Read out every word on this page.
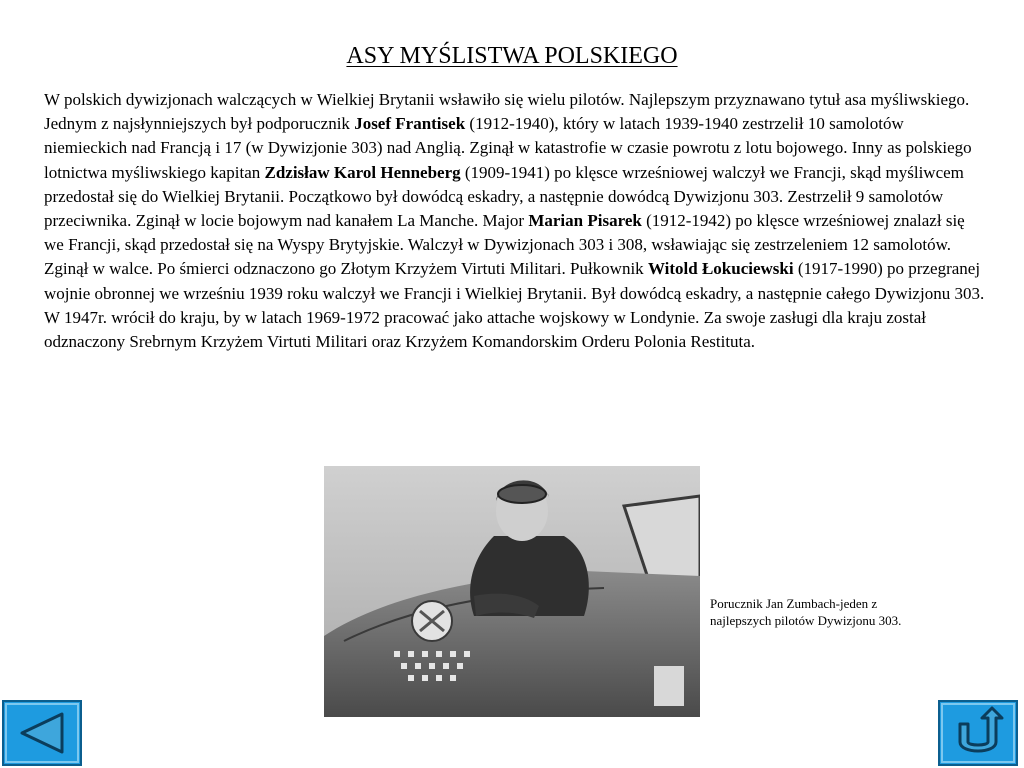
ASY MYŚLISTWA POLSKIEGO

W polskich dywizjonach walczących w Wielkiej Brytanii wsławiło się wielu pilotów. Najlepszym przyznawano tytuł asa myśliwskiego. Jednym z najsłynniejszych był podporucznik Josef Frantisek (1912-1940), który w latach 1939-1940 zestrzelił 10 samolotów niemieckich nad Francją i 17 (w Dywizjonie 303) nad Anglią. Zginął w katastrofie w czasie powrotu z lotu bojowego. Inny as polskiego lotnictwa myśliwskiego kapitan Zdzisław Karol Henneberg (1909-1941) po klęsce wrześniowej walczył we Francji, skąd myśliwcem przedostał się do Wielkiej Brytanii. Początkowo był dowódcą eskadry, a następnie dowódcą Dywizjonu 303. Zestrzelił 9 samolotów przeciwnika. Zginął w locie bojowym nad kanałem La Manche. Major Marian Pisarek (1912-1942) po klęsce wrześniowej znalazł się we Francji, skąd przedostał się na Wyspy Brytyjskie. Walczył w Dywizjonach 303 i 308, wsławiając się zestrzeleniem 12 samolotów. Zginął w walce. Po śmierci odznaczono go Złotym Krzyżem Virtuti Militari. Pułkownik Witold Łokuciewski (1917-1990) po przegranej wojnie obronnej we wrześniu 1939 roku walczył we Francji i Wielkiej Brytanii. Był dowódcą eskadry, a następnie całego Dywizjonu 303. W 1947r. wrócił do kraju, by w latach 1969-1972 pracować jako attache wojskowy w Londynie. Za swoje zasługi dla kraju został odznaczony Srebrnym Krzyżem Virtuti Militari oraz Krzyżem Komandorskim Orderu Polonia Restituta.

Porucznik Jan Zumbach-jeden z najlepszych pilotów Dywizjonu 303.
